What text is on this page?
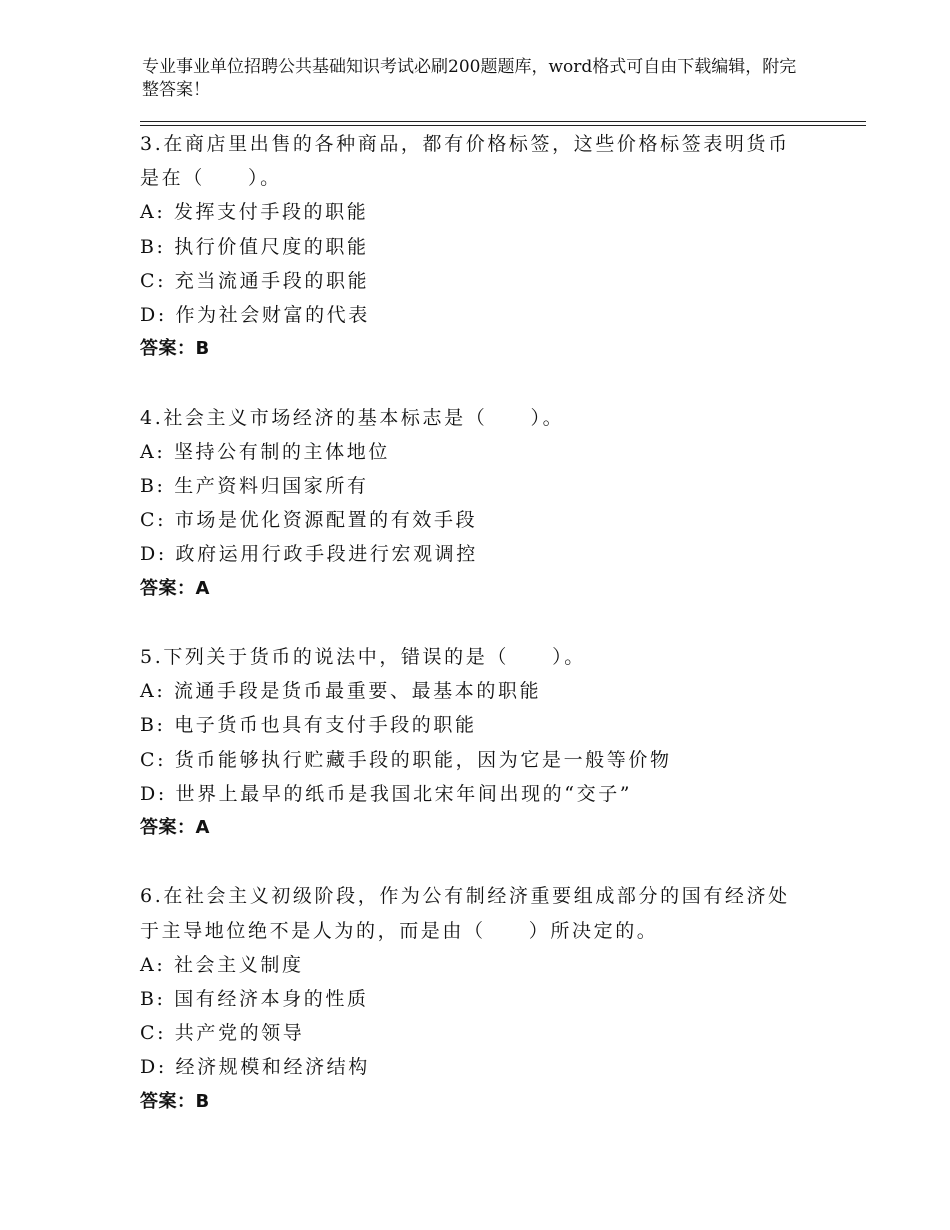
专业事业单位招聘公共基础知识考试必刷200题题库，word格式可自由下载编辑，附完整答案！
3.在商店里出售的各种商品，都有价格标签，这些价格标签表明货币是在（　　）。
A: 发挥支付手段的职能
B: 执行价值尺度的职能
C: 充当流通手段的职能
D: 作为社会财富的代表
答案：B
4.社会主义市场经济的基本标志是（　　）。
A: 坚持公有制的主体地位
B: 生产资料归国家所有
C: 市场是优化资源配置的有效手段
D: 政府运用行政手段进行宏观调控
答案：A
5.下列关于货币的说法中，错误的是（　　）。
A: 流通手段是货币最重要、最基本的职能
B: 电子货币也具有支付手段的职能
C: 货币能够执行贮藏手段的职能，因为它是一般等价物
D: 世界上最早的纸币是我国北宋年间出现的“交子”
答案：A
6.在社会主义初级阶段，作为公有制经济重要组成部分的国有经济处于主导地位绝不是人为的，而是由（　　）所决定的。
A: 社会主义制度
B: 国有经济本身的性质
C: 共产党的领导
D: 经济规模和经济结构
答案：B
